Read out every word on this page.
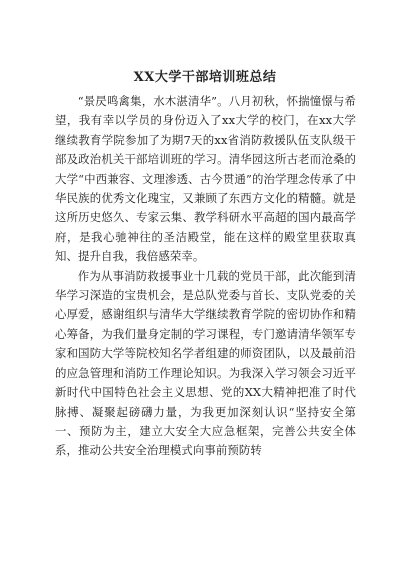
XX大学干部培训班总结

“景昃鸣禽集，水木湛清华”。八月初秋，怀揣憧憬与希望，我有幸以学员的身份迈入了xx大学的校门，在xx大学继续教育学院参加了为期7天的xx省消防救援队伍支队级干部及政治机关干部培训班的学习。清华园这所古老而沧桑的大学“中西兼容、文理渗透、古今贯通”的治学理念传承了中华民族的优秀文化瑰宝，又兼顾了东西方文化的精髓。就是这所历史悠久、专家云集、教学科研水平高超的国内最高学府，是我心驰神往的圣洁殿堂，能在这样的殿堂里获取真知、提升自我，我倍感荣幸。

作为从事消防救援事业十几载的党员干部，此次能到清华学习深造的宝贵机会，是总队党委与首长、支队党委的关心厚爱，感谢组织与清华大学继续教育学院的密切协作和精心筹备，为我们量身定制的学习课程，专门邀请清华领军专家和国防大学等院校知名学者组建的师资团队，以及最前沿的应急管理和消防工作理论知识。为我深入学习领会习近平新时代中国特色社会主义思想、党的XX大精神把准了时代脉搏、凝聚起磅礴力量，为我更加深刻认识“坚持安全第一、预防为主，建立大安全大应急框架，完善公共安全体系，推动公共安全治理模式向事前预防转
